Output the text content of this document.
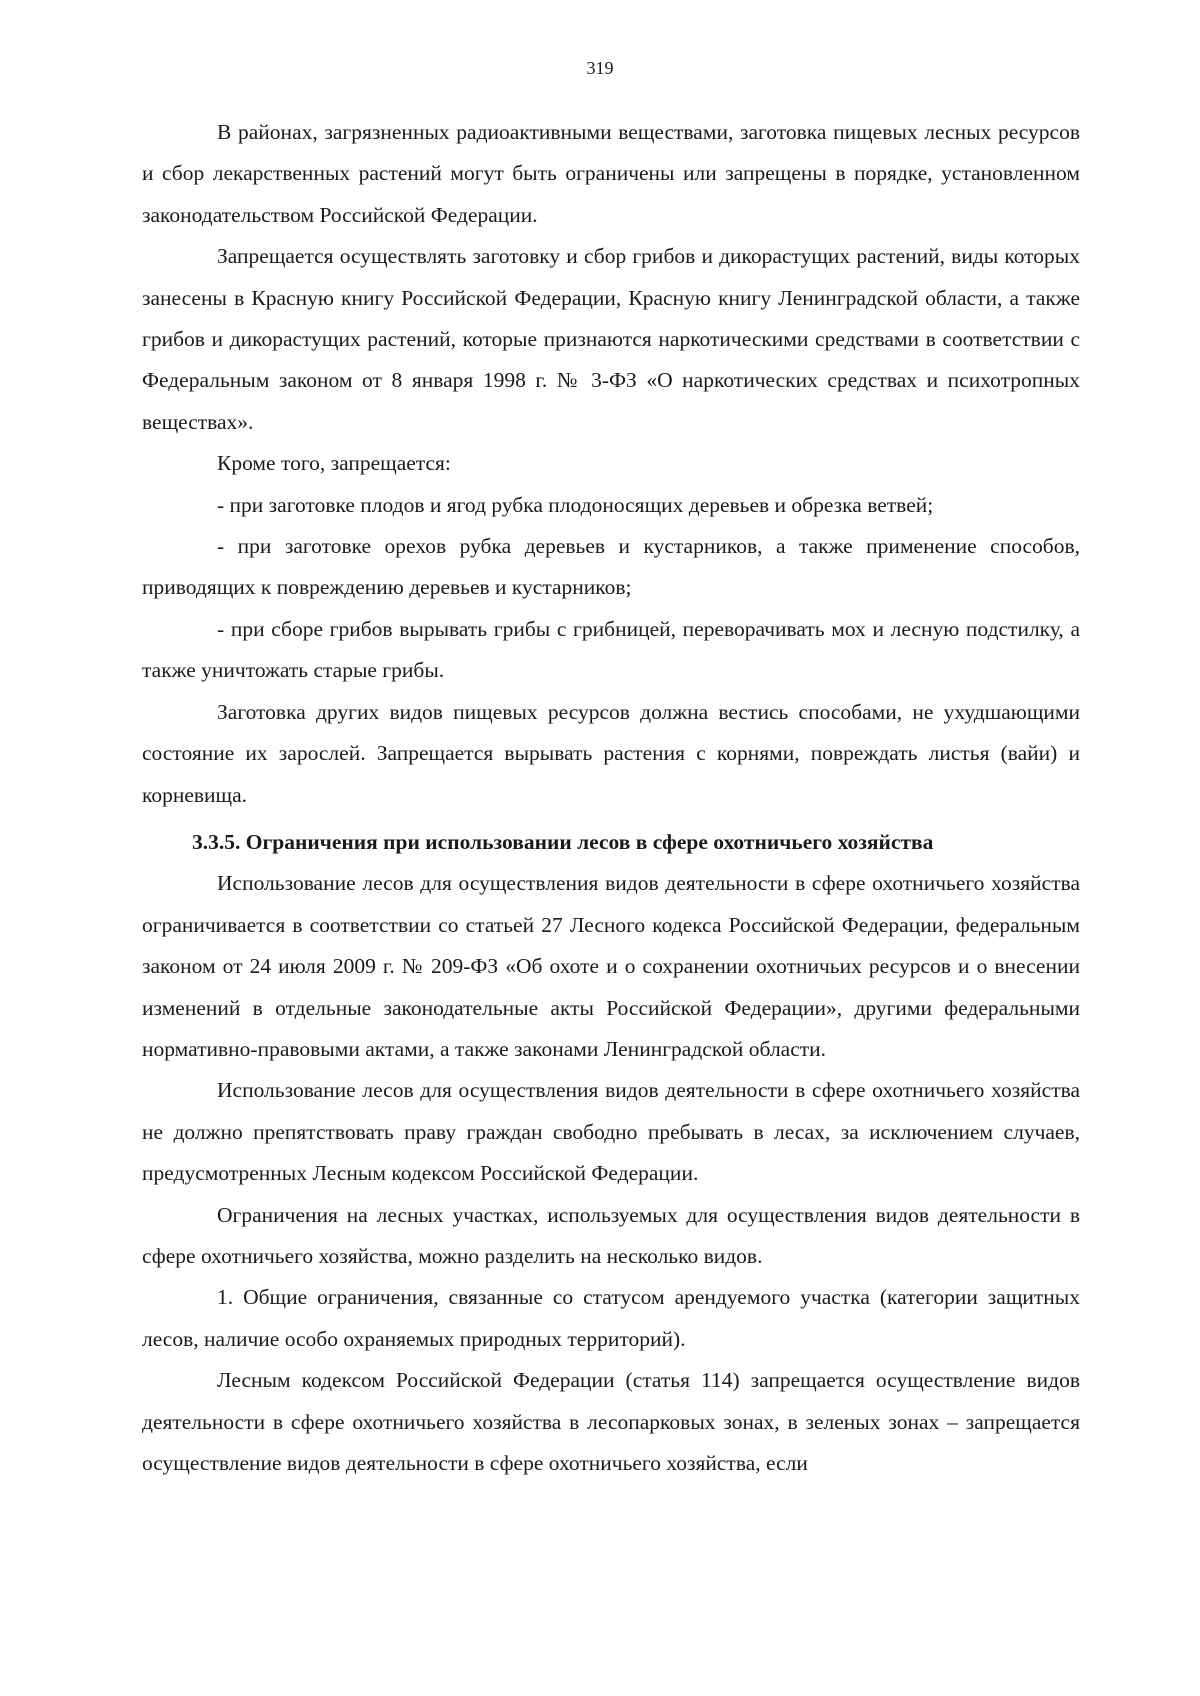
319

В районах, загрязненных радиоактивными веществами, заготовка пищевых лесных ресурсов и сбор лекарственных растений могут быть ограничены или запрещены в порядке, установленном законодательством Российской Федерации.

Запрещается осуществлять заготовку и сбор грибов и дикорастущих растений, виды которых занесены в Красную книгу Российской Федерации, Красную книгу Ленинградской области, а также грибов и дикорастущих растений, которые признаются наркотическими средствами в соответствии с Федеральным законом от 8 января 1998 г. № 3-ФЗ «О наркотических средствах и психотропных веществах».

Кроме того, запрещается:

- при заготовке плодов и ягод рубка плодоносящих деревьев и обрезка ветвей;

- при заготовке орехов рубка деревьев и кустарников, а также применение способов, приводящих к повреждению деревьев и кустарников;

- при сборе грибов вырывать грибы с грибницей, переворачивать мох и лесную подстилку, а также уничтожать старые грибы.

Заготовка других видов пищевых ресурсов должна вестись способами, не ухудшающими состояние их зарослей. Запрещается вырывать растения с корнями, повреждать листья (вайи) и корневища.

3.3.5. Ограничения при использовании лесов в сфере охотничьего хозяйства

Использование лесов для осуществления видов деятельности в сфере охотничьего хозяйства ограничивается в соответствии со статьей 27 Лесного кодекса Российской Федерации, федеральным законом от 24 июля 2009 г. № 209-ФЗ «Об охоте и о сохранении охотничьих ресурсов и о внесении изменений в отдельные законодательные акты Российской Федерации», другими федеральными нормативно-правовыми актами, а также законами Ленинградской области.

Использование лесов для осуществления видов деятельности в сфере охотничьего хозяйства не должно препятствовать праву граждан свободно пребывать в лесах, за исключением случаев, предусмотренных Лесным кодексом Российской Федерации.

Ограничения на лесных участках, используемых для осуществления видов деятельности в сфере охотничьего хозяйства, можно разделить на несколько видов.

1. Общие ограничения, связанные со статусом арендуемого участка (категории защитных лесов, наличие особо охраняемых природных территорий).

Лесным кодексом Российской Федерации (статья 114) запрещается осуществление видов деятельности в сфере охотничьего хозяйства в лесопарковых зонах, в зеленых зонах – запрещается осуществление видов деятельности в сфере охотничьего хозяйства, если
